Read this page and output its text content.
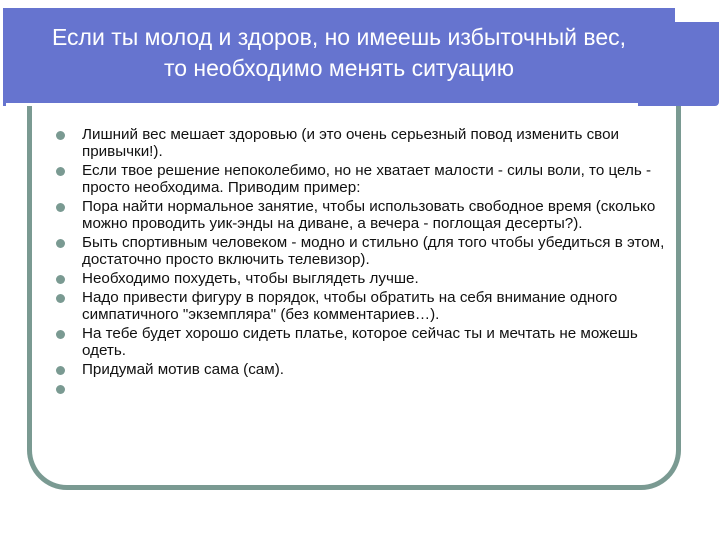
Если ты молод и здоров, но имеешь избыточный вес,
то необходимо менять ситуацию
Лишний вес мешает здоровью (и это очень серьезный повод изменить свои привычки!).
Если твое решение непоколебимо, но не хватает малости - силы воли, то цель - просто необходима. Приводим пример:
Пора найти нормальное занятие, чтобы использовать свободное время (сколько можно проводить уик-энды на диване, а вечера - поглощая десерты?).
Быть спортивным человеком - модно и стильно (для того чтобы убедиться в этом, достаточно просто включить телевизор).
Необходимо похудеть, чтобы выглядеть лучше.
Надо привести фигуру в порядок, чтобы обратить на себя внимание одного симпатичного "экземпляра" (без комментариев…).
На тебе будет хорошо сидеть платье, которое сейчас ты и мечтать не можешь одеть.
Придумай мотив сама (сам).
